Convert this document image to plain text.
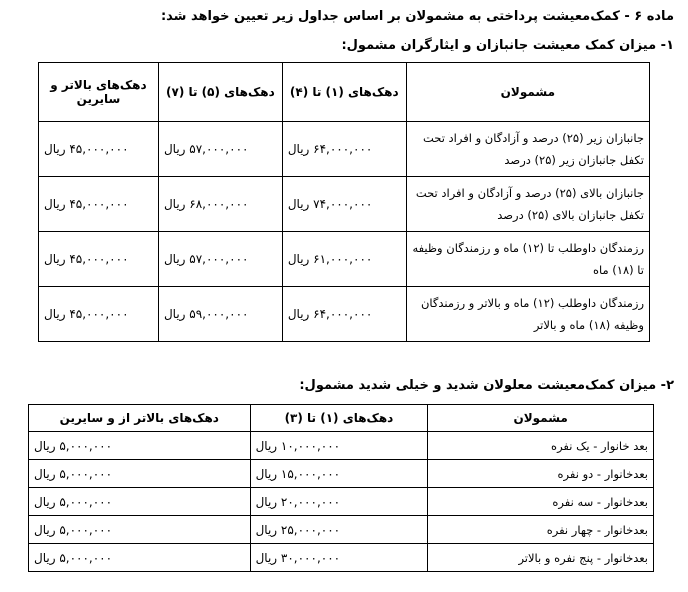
ماده ۶ - کمک‌معیشت پرداختی به مشمولان بر اساس جداول زیر تعیین خواهد شد:
۱- میزان کمک معیشت جانبازان و ایثارگران مشمول:
مشمولان	دهک‌های (۱) تا (۴)	دهک‌های (۵) تا (۷)	دهک‌های بالاتر و سایرین
جانبازان زیر (۲۵) درصد و آزادگان و افراد تحت تکفل جانبازان زیر (۲۵) درصد	۶۴,۰۰۰,۰۰۰ ریال	۵۷,۰۰۰,۰۰۰ ریال	۴۵,۰۰۰,۰۰۰ ریال
جانبازان بالای (۲۵) درصد و آزادگان و افراد تحت تکفل جانبازان بالای (۲۵) درصد	۷۴,۰۰۰,۰۰۰ ریال	۶۸,۰۰۰,۰۰۰ ریال	۴۵,۰۰۰,۰۰۰ ریال
رزمندگان داوطلب تا (۱۲) ماه و رزمندگان وظیفه تا (۱۸) ماه	۶۱,۰۰۰,۰۰۰ ریال	۵۷,۰۰۰,۰۰۰ ریال	۴۵,۰۰۰,۰۰۰ ریال
رزمندگان داوطلب (۱۲) ماه و بالاتر و رزمندگان وظیفه (۱۸) ماه و بالاتر	۶۴,۰۰۰,۰۰۰ ریال	۵۹,۰۰۰,۰۰۰ ریال	۴۵,۰۰۰,۰۰۰ ریال
۲- میزان کمک‌معیشت معلولان شدید و خیلی شدید مشمول:
مشمولان	دهک‌های (۱) تا (۳)	دهک‌های بالاتر از و سایرین
بعد خانوار - یک نفره	۱۰,۰۰۰,۰۰۰ ریال	۵,۰۰۰,۰۰۰ ریال
بعدخانوار - دو نفره	۱۵,۰۰۰,۰۰۰ ریال	۵,۰۰۰,۰۰۰ ریال
بعدخانوار - سه نفره	۲۰,۰۰۰,۰۰۰ ریال	۵,۰۰۰,۰۰۰ ریال
بعدخانوار - چهار نفره	۲۵,۰۰۰,۰۰۰ ریال	۵,۰۰۰,۰۰۰ ریال
بعدخانوار - پنج نفره و بالاتر	۳۰,۰۰۰,۰۰۰ ریال	۵,۰۰۰,۰۰۰ ریال
